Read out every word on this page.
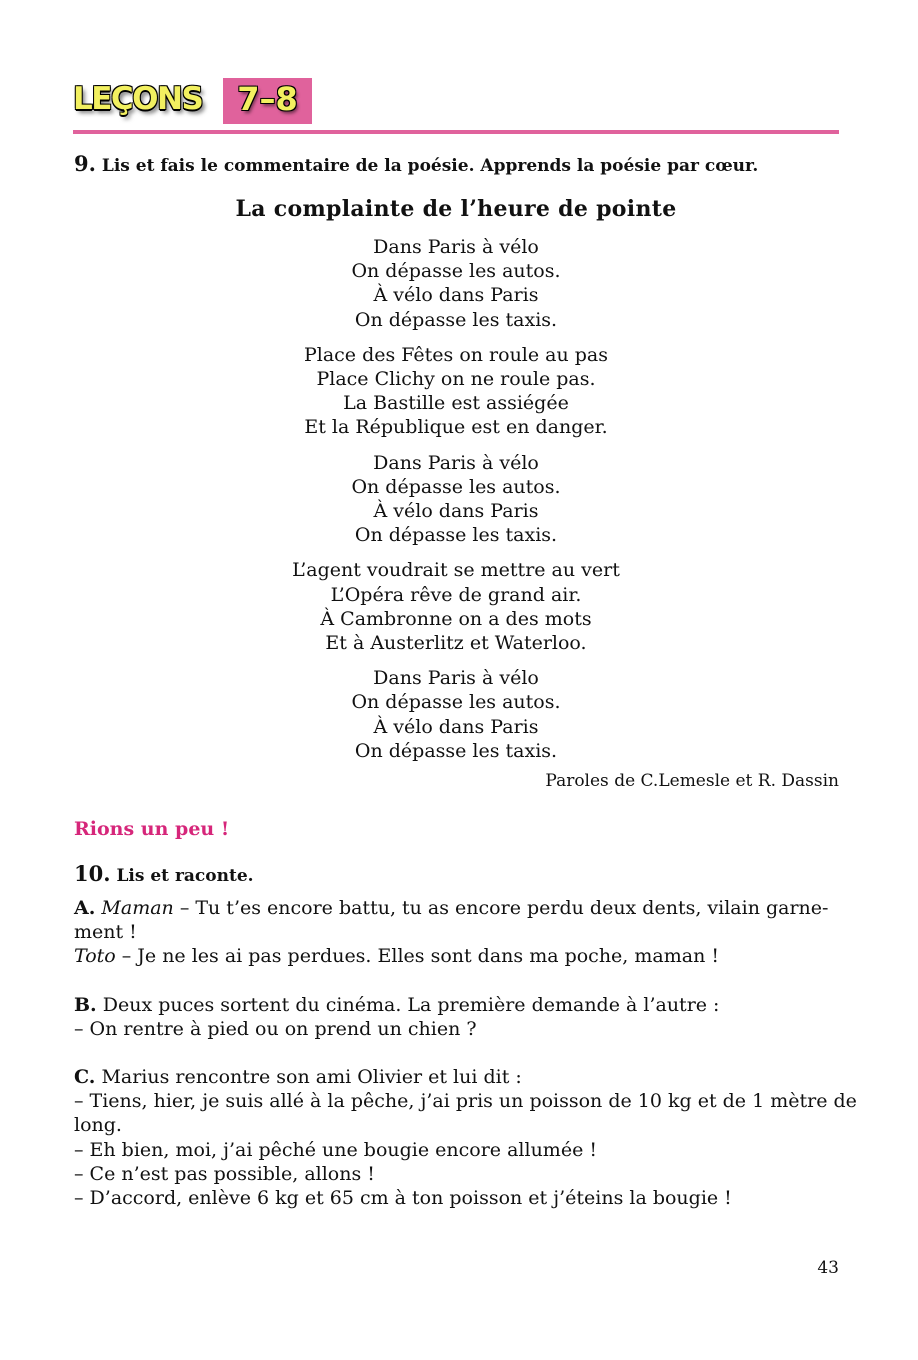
LEÇONS	7–8
9. Lis et fais le commentaire de la poésie. Apprends la poésie par cœur.
La complainte de l’heure de pointe
Dans Paris à vélo
On dépasse les autos.
À vélo dans Paris
On dépasse les taxis.
Place des Fêtes on roule au pas
Place Clichy on ne roule pas.
La Bastille est assiégée
Et la République est en danger.
Dans Paris à vélo
On dépasse les autos.
À vélo dans Paris
On dépasse les taxis.
L’agent voudrait se mettre au vert
L’Opéra rêve de grand air.
À Cambronne on a des mots
Et à Austerlitz et Waterloo.
Dans Paris à vélo
On dépasse les autos.
À vélo dans Paris
On dépasse les taxis.
Paroles de C.Lemesle et R. Dassin
Rions un peu !
10. Lis et raconte.
A. Maman – Tu t’es encore battu, tu as encore perdu deux dents, vilain garne-
ment !
Toto – Je ne les ai pas perdues. Elles sont dans ma poche, maman !
B. Deux puces sortent du cinéma. La première demande à l’autre :
– On rentre à pied ou on prend un chien ?
C. Marius rencontre son ami Olivier et lui dit :
– Tiens, hier, je suis allé à la pêche, j’ai pris un poisson de 10 kg et de 1 mètre de
long.
– Eh bien, moi, j’ai pêché une bougie encore allumée !
– Ce n’est pas possible, allons !
– D’accord, enlève 6 kg et 65 cm à ton poisson et j’éteins la bougie !
43
